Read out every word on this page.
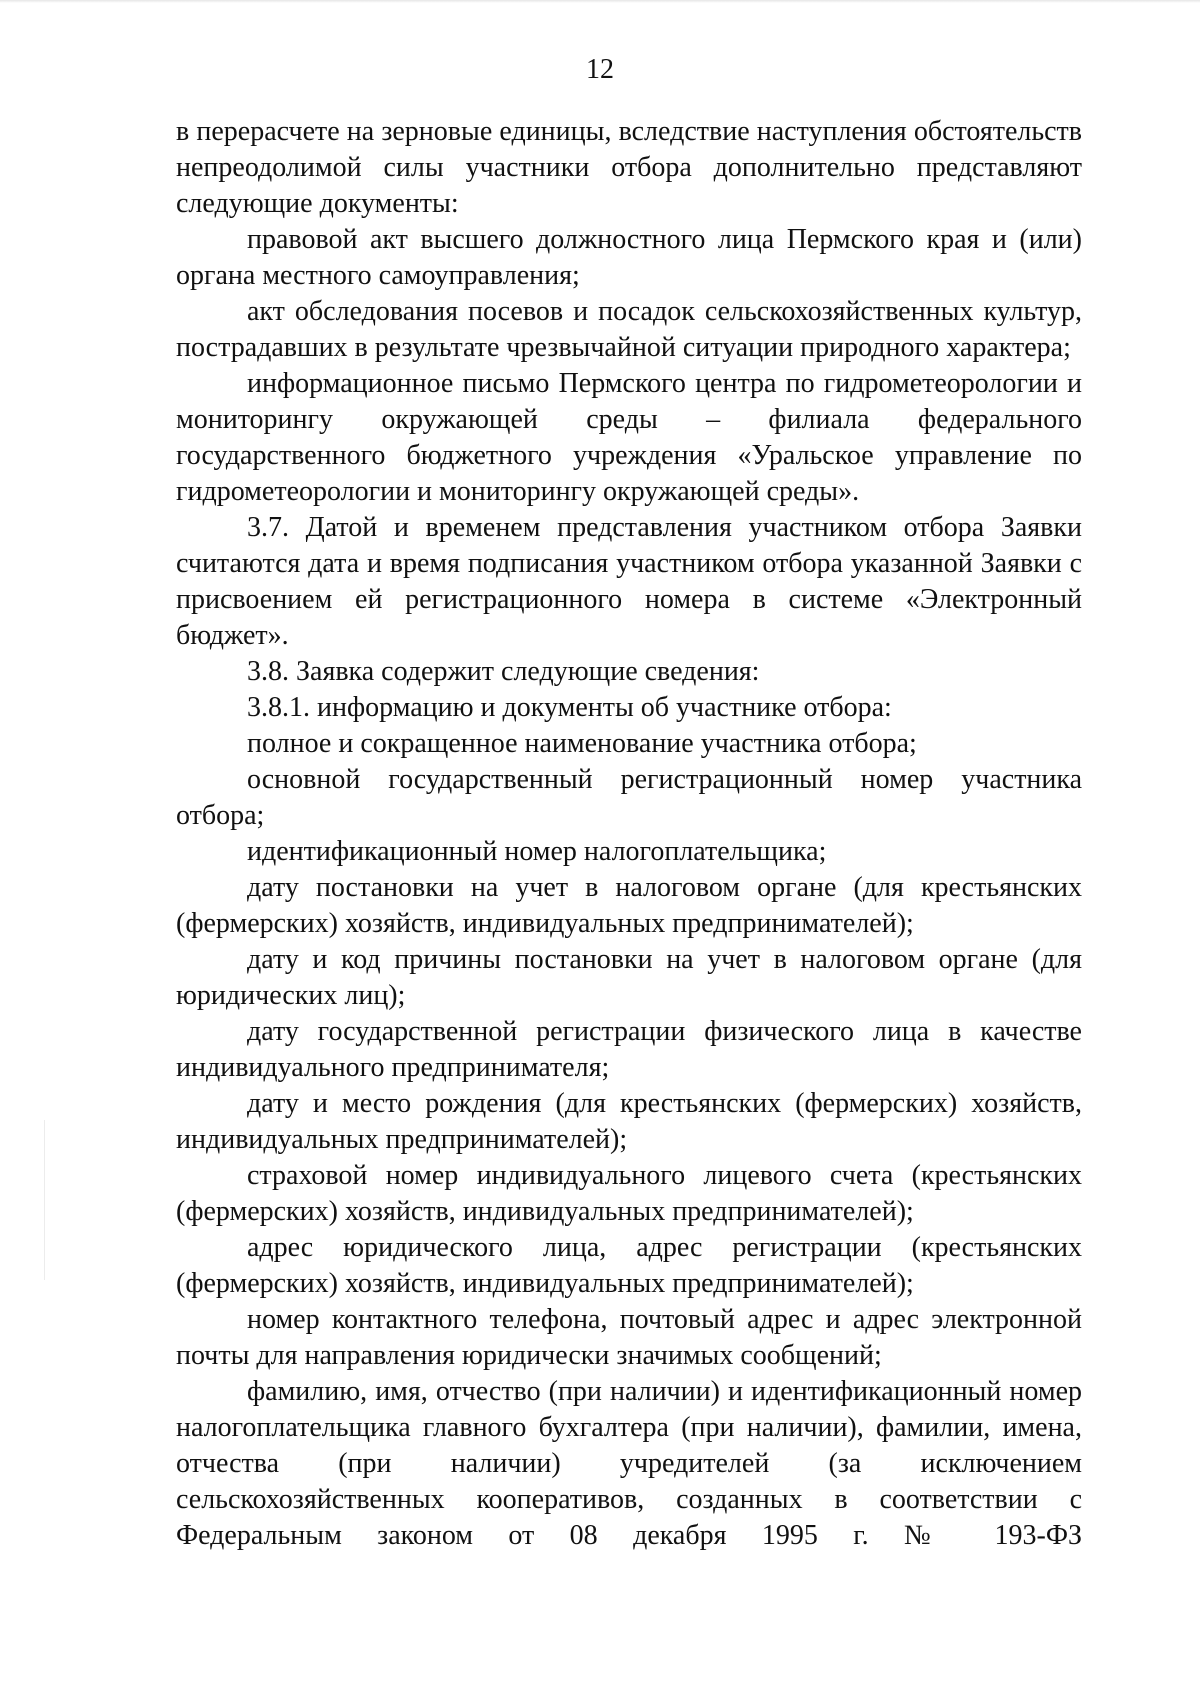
12

в перерасчете на зерновые единицы, вследствие наступления обстоятельств непреодолимой силы участники отбора дополнительно представляют следующие документы:

правовой акт высшего должностного лица Пермского края и (или) органа местного самоуправления;

акт обследования посевов и посадок сельскохозяйственных культур, пострадавших в результате чрезвычайной ситуации природного характера;

информационное письмо Пермского центра по гидрометеорологии и мониторингу окружающей среды – филиала федерального государственного бюджетного учреждения «Уральское управление по гидрометеорологии и мониторингу окружающей среды».

3.7. Датой и временем представления участником отбора Заявки считаются дата и время подписания участником отбора указанной Заявки с присвоением ей регистрационного номера в системе «Электронный бюджет».

3.8. Заявка содержит следующие сведения:

3.8.1. информацию и документы об участнике отбора:

полное и сокращенное наименование участника отбора;

основной государственный регистрационный номер участника отбора;

идентификационный номер налогоплательщика;

дату постановки на учет в налоговом органе (для крестьянских (фермерских) хозяйств, индивидуальных предпринимателей);

дату и код причины постановки на учет в налоговом органе (для юридических лиц);

дату государственной регистрации физического лица в качестве индивидуального предпринимателя;

дату и место рождения (для крестьянских (фермерских) хозяйств, индивидуальных предпринимателей);

страховой номер индивидуального лицевого счета (крестьянских (фермерских) хозяйств, индивидуальных предпринимателей);

адрес юридического лица, адрес регистрации (крестьянских (фермерских) хозяйств, индивидуальных предпринимателей);

номер контактного телефона, почтовый адрес и адрес электронной почты для направления юридически значимых сообщений;

фамилию, имя, отчество (при наличии) и идентификационный номер налогоплательщика главного бухгалтера (при наличии), фамилии, имена, отчества (при наличии) учредителей (за исключением сельскохозяйственных кооперативов, созданных в соответствии с Федеральным законом от 08 декабря 1995 г. № 193-ФЗ
